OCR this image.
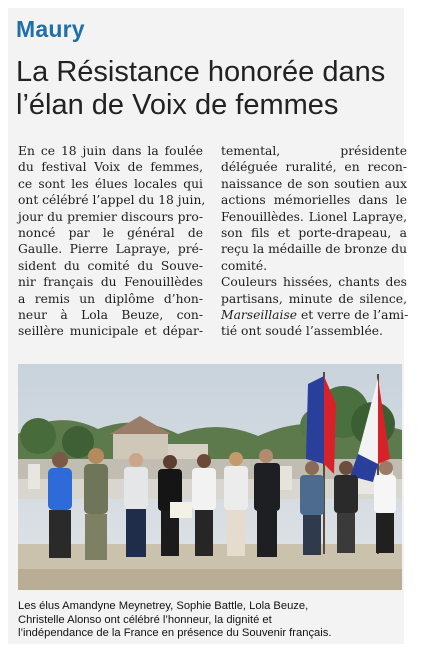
Maury
La Résistance honorée dans
l’élan de Voix de femmes
En ce 18 juin dans la foulée
du festival Voix de femmes,
ce sont les élues locales qui
ont célébré l’appel du 18 juin,
jour du premier discours pro-
noncé par le général de
Gaulle. Pierre Lapraye, pré-
sident du comité du Souve-
nir français du Fenouillèdes
a remis un diplôme d’hon-
neur à Lola Beuze, con-
seillère municipale et dépar-
temental, présidente
déléguée ruralité, en recon-
naissance de son soutien aux
actions mémorielles dans le
Fenouillèdes. Lionel Lapraye,
son fils et porte-drapeau, a
reçu la médaille de bronze du
comité.
Couleurs hissées, chants des
partisans, minute de silence,
Marseillaise et verre de l’ami-
tié ont soudé l’assemblée.
Les élus Amandyne Meynetrey, Sophie Battle, Lola Beuze,
Christelle Alonso ont célébré l’honneur, la dignité et
l’indépendance de la France en présence du Souvenir français.
